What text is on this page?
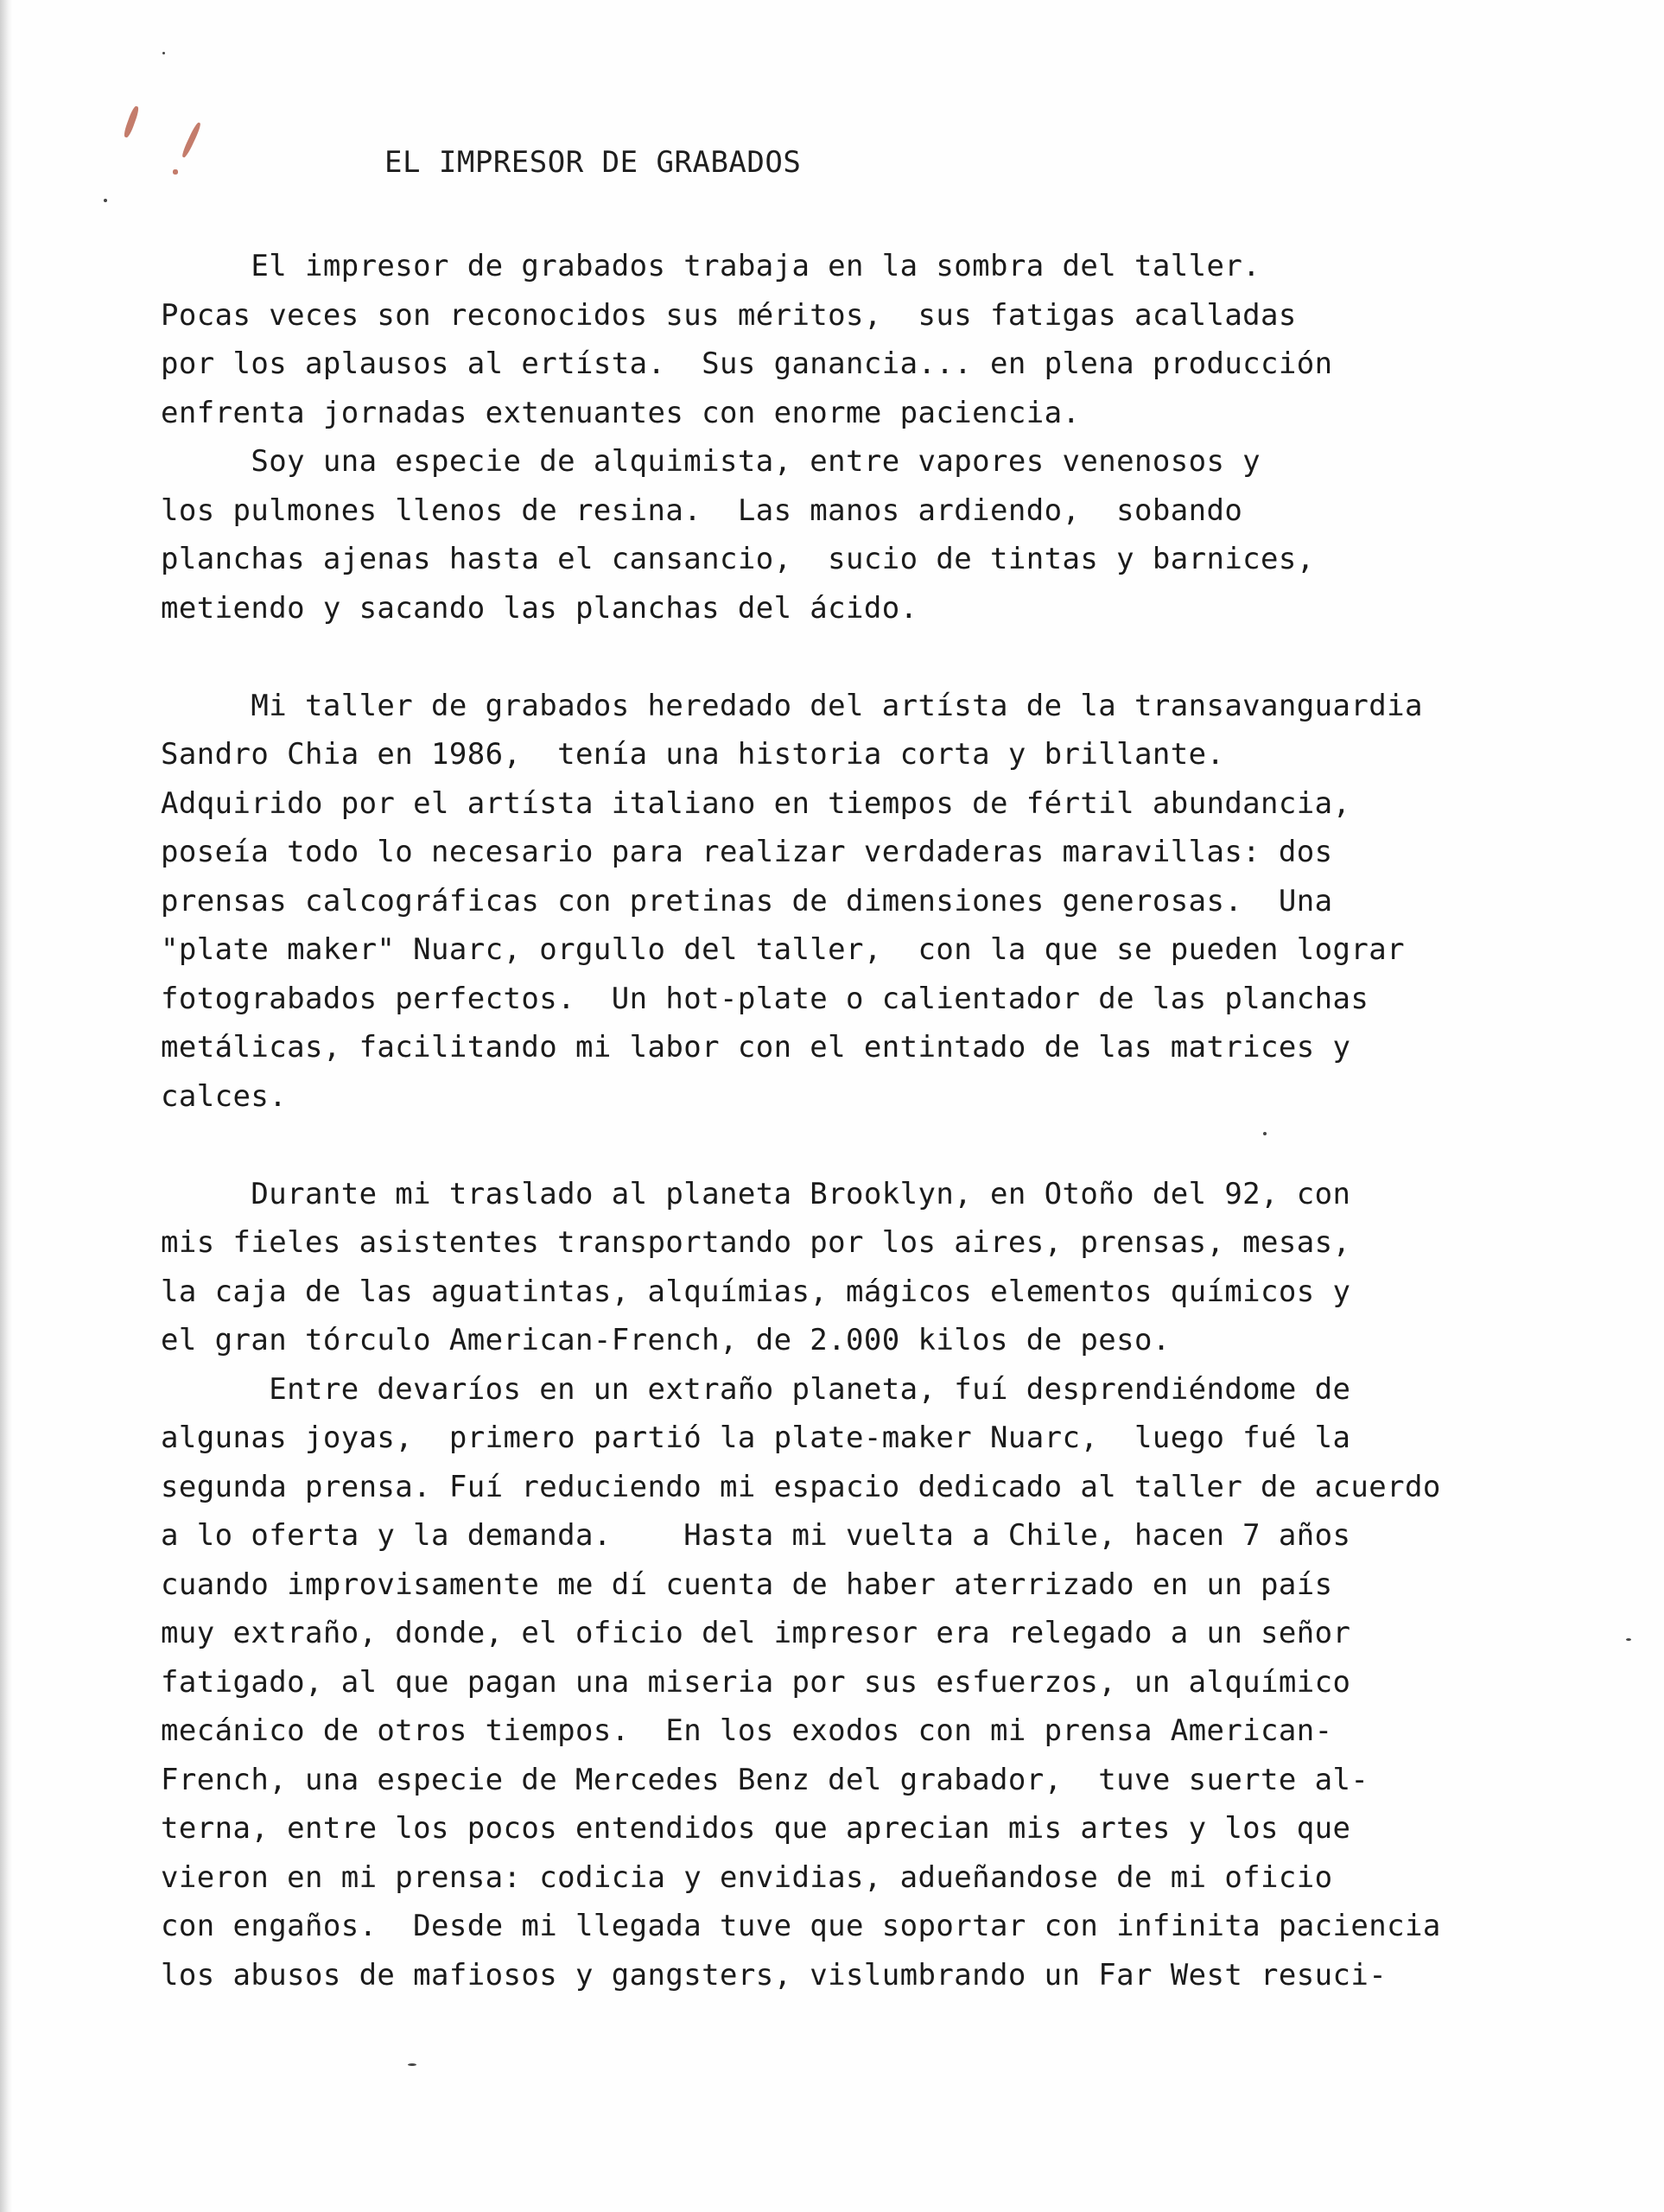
EL IMPRESOR DE GRABADOS
El impresor de grabados trabaja en la sombra del taller.
Pocas veces son reconocidos sus méritos,  sus fatigas acalladas
por los aplausos al ertísta.  Sus ganancia... en plena producción
enfrenta jornadas extenuantes con enorme paciencia.
Soy una especie de alquimista, entre vapores venenosos y
los pulmones llenos de resina.  Las manos ardiendo,  sobando
planchas ajenas hasta el cansancio,  sucio de tintas y barnices,
metiendo y sacando las planchas del ácido.
Mi taller de grabados heredado del artísta de la transavanguardia
Sandro Chia en 1986,  tenía una historia corta y brillante.
Adquirido por el artísta italiano en tiempos de fértil abundancia,
poseía todo lo necesario para realizar verdaderas maravillas: dos
prensas calcográficas con pretinas de dimensiones generosas.  Una
"plate maker" Nuarc, orgullo del taller,  con la que se pueden lograr
fotograbados perfectos.  Un hot-plate o calientador de las planchas
metálicas, facilitando mi labor con el entintado de las matrices y
calces.
Durante mi traslado al planeta Brooklyn, en Otoño del 92, con
mis fieles asistentes transportando por los aires, prensas, mesas,
la caja de las aguatintas, alquímias, mágicos elementos químicos y
el gran tórculo American-French, de 2.000 kilos de peso.
Entre devaríos en un extraño planeta, fuí desprendiéndome de
algunas joyas,  primero partió la plate-maker Nuarc,  luego fué la
segunda prensa. Fuí reduciendo mi espacio dedicado al taller de acuerdo
a lo oferta y la demanda.    Hasta mi vuelta a Chile, hacen 7 años
cuando improvisamente me dí cuenta de haber aterrizado en un país
muy extraño, donde, el oficio del impresor era relegado a un señor
fatigado, al que pagan una miseria por sus esfuerzos, un alquímico
mecánico de otros tiempos.  En los exodos con mi prensa American-
French, una especie de Mercedes Benz del grabador,  tuve suerte al-
terna, entre los pocos entendidos que aprecian mis artes y los que
vieron en mi prensa: codicia y envidias, adueñandose de mi oficio
con engaños.  Desde mi llegada tuve que soportar con infinita paciencia
los abusos de mafiosos y gangsters, vislumbrando un Far West resuci-
